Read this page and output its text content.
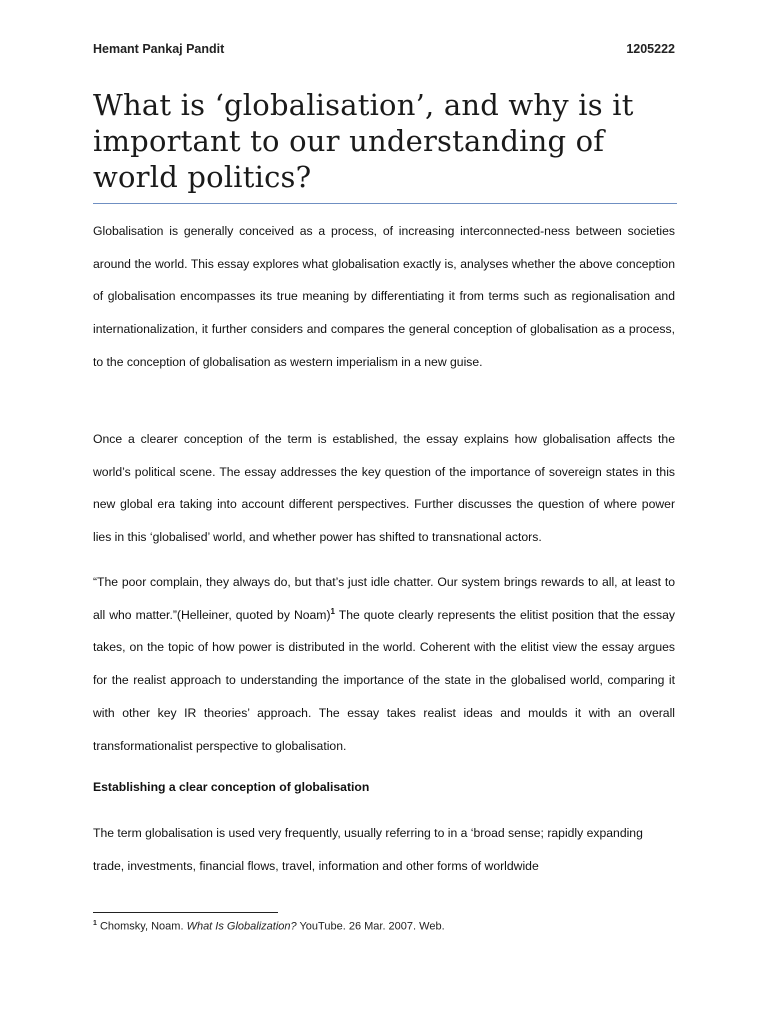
Hemant Pankaj Pandit	1205222
What is ‘globalisation’, and why is it important to our understanding of world politics?

Globalisation is generally conceived as a process, of increasing interconnected-ness between societies around the world. This essay explores what globalisation exactly is, analyses whether the above conception of globalisation encompasses its true meaning by differentiating it from terms such as regionalisation and internationalization, it further considers and compares the general conception of globalisation as a process, to the conception of globalisation as western imperialism in a new guise.

Once a clearer conception of the term is established, the essay explains how globalisation affects the world’s political scene. The essay addresses the key question of the importance of sovereign states in this new global era taking into account different perspectives. Further discusses the question of where power lies in this ‘globalised’ world, and whether power has shifted to transnational actors.

“The poor complain, they always do, but that’s just idle chatter. Our system brings rewards to all, at least to all who matter.”(Helleiner, quoted by Noam)$^1$ The quote clearly represents the elitist position that the essay takes, on the topic of how power is distributed in the world. Coherent with the elitist view the essay argues for the realist approach to understanding the importance of the state in the globalised world, comparing it with other key IR theories’ approach. The essay takes realist ideas and moulds it with an overall transformationalist perspective to globalisation.

Establishing a clear conception of globalisation

The term globalisation is used very frequently, usually referring to in a ‘broad sense; rapidly expanding trade, investments, financial flows, travel, information and other forms of worldwide

$^1$ Chomsky, Noam. What Is Globalization? YouTube. 26 Mar. 2007. Web.
